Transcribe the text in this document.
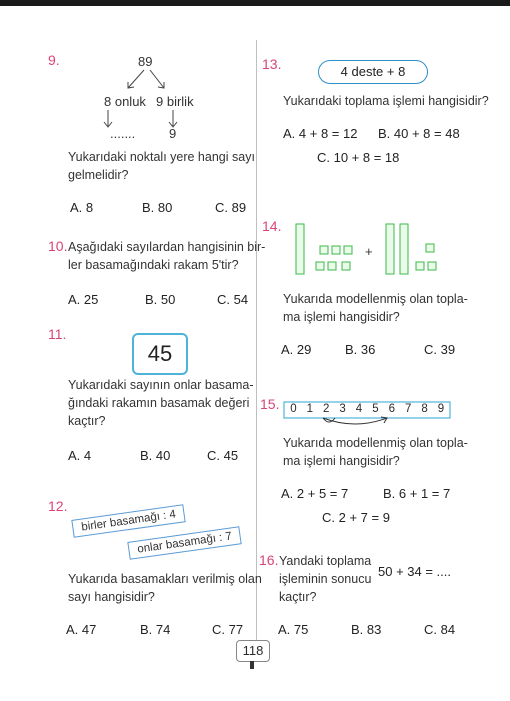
9.	89
8 onluk 9 birlik
.......	9
Yukarıdaki noktalı yere hangi sayı
gelmelidir?
A. 8	B. 80	C. 89
10. Aşağıdaki sayılardan hangisinin bir-
ler basamağındaki rakam 5'tir?
A. 25	B. 50	C. 54
11.
45
Yukarıdaki sayının onlar basama-
ğındaki rakamın basamak değeri
kaçtır?
A. 4	B. 40	C. 45
12.
birler basamağı : 4
onlar basamağı : 7
Yukarıda basamakları verilmiş olan
sayı hangisidir?
A. 47	B. 74	C. 77
13.	4 deste + 8
Yukarıdaki toplama işlemi hangisidir?
A. 4 + 8 = 12 B. 40 + 8 = 48
C. 10 + 8 = 18
14.
+
Yukarıda modellenmiş olan topla-
ma işlemi hangisidir?
A. 29	B. 36	C. 39
15. 0 1 2 3 4 5 6 7 8 9
Yukarıda modellenmiş olan topla-
ma işlemi hangisidir?
A. 2 + 5 = 7	B. 6 + 1 = 7
C. 2 + 7 = 9
16. Yandaki toplama
işleminin sonucu
kaçtır?
50 + 34 = ....
A. 75	B. 83	C. 84
118
